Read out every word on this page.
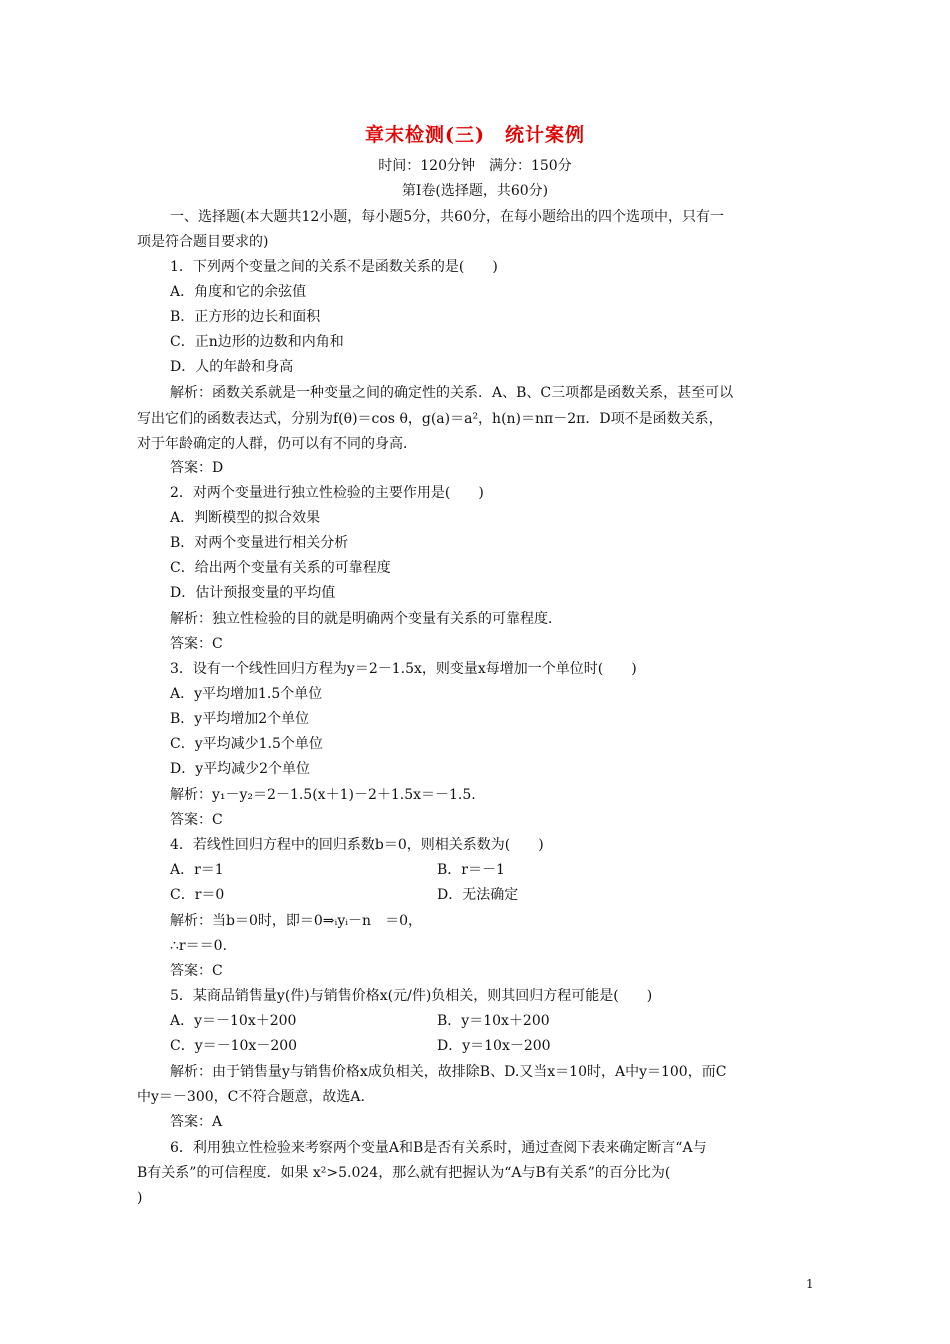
章末检测(三)　统计案例
时间：120分钟　满分：150分
第Ⅰ卷(选择题，共60分)
一、选择题(本大题共12小题，每小题5分，共60分，在每小题给出的四个选项中，只有一
项是符合题目要求的)
1．下列两个变量之间的关系不是函数关系的是(　　)
A．角度和它的余弦值
B．正方形的边长和面积
C．正n边形的边数和内角和
D．人的年龄和身高
解析：函数关系就是一种变量之间的确定性的关系．A、B、C三项都是函数关系，甚至可以
写出它们的函数表达式，分别为f(θ)＝cos θ，g(a)＝a²，h(n)＝nπ－2π．D项不是函数关系，
对于年龄确定的人群，仍可以有不同的身高．
答案：D
2．对两个变量进行独立性检验的主要作用是(　　)
A．判断模型的拟合效果
B．对两个变量进行相关分析
C．给出两个变量有关系的可靠程度
D．估计预报变量的平均值
解析：独立性检验的目的就是明确两个变量有关系的可靠程度．
答案：C
3．设有一个线性回归方程为y＝2－1.5x，则变量x每增加一个单位时(　　)
A．y平均增加1.5个单位
B．y平均增加2个单位
C．y平均减少1.5个单位
D．y平均减少2个单位
解析：y₁－y₂＝2－1.5(x＋1)－2＋1.5x＝－1.5.
答案：C
4．若线性回归方程中的回归系数b＝0，则相关系数为(　　)
A．r＝1	B．r＝－1
C．r＝0	D．无法确定
解析：当b＝0时，即＝0⇒ᵢyᵢ－n　＝0，
∴r＝＝0.
答案：C
5．某商品销售量y(件)与销售价格x(元/件)负相关，则其回归方程可能是(　　)
A．y＝－10x＋200	B．y＝10x＋200
C．y＝－10x－200	D．y＝10x－200
解析：由于销售量y与销售价格x成负相关，故排除B、D.又当x＝10时，A中y＝100，而C
中y＝－300，C不符合题意，故选A.
答案：A
6．利用独立性检验来考察两个变量A和B是否有关系时，通过查阅下表来确定断言“A与
B有关系”的可信程度．如果 x²>5.024，那么就有把握认为“A与B有关系”的百分比为(
)
1
